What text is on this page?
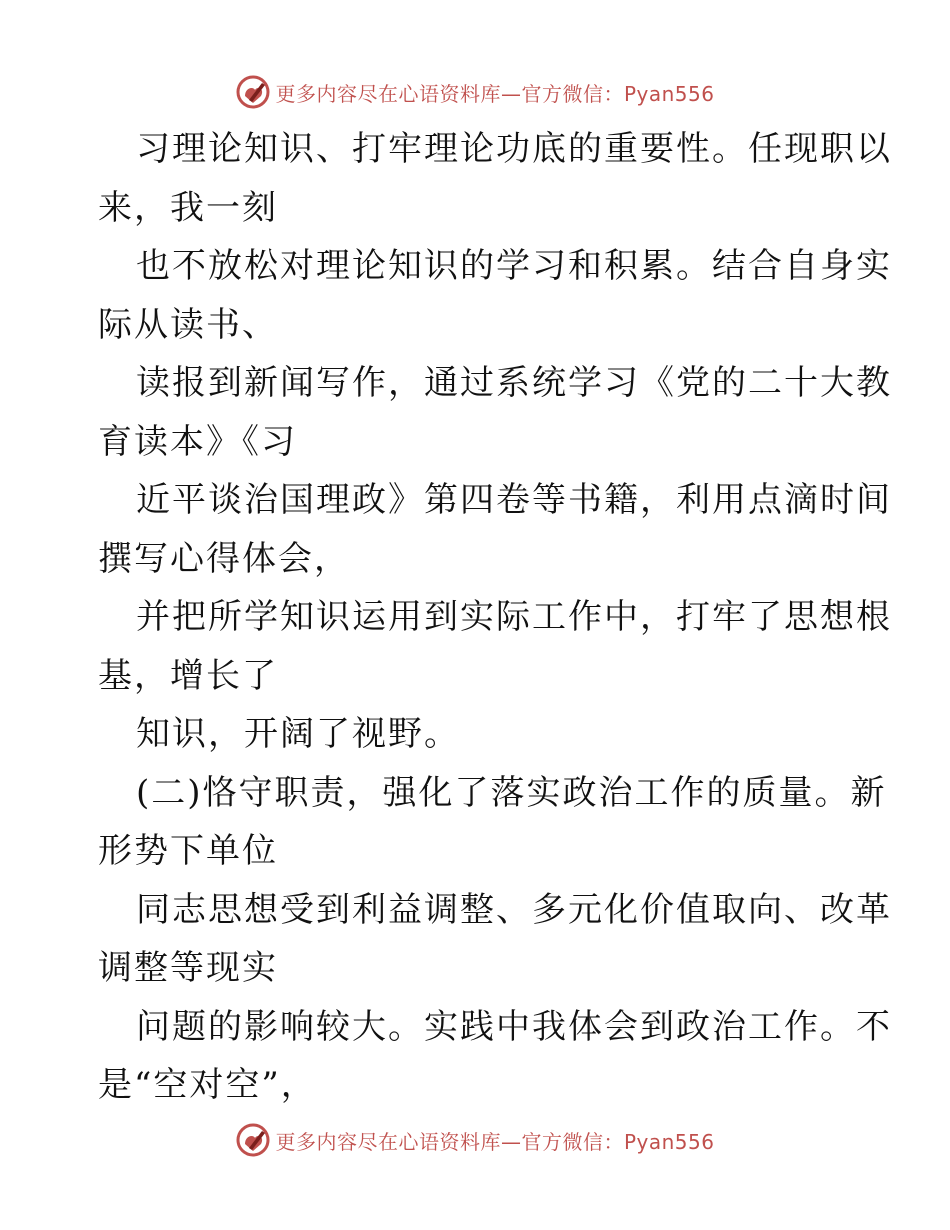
更多内容尽在心语资料库—官方微信：Pyan556
习理论知识、打牢理论功底的重要性。任现职以
来，我一刻
也不放松对理论知识的学习和积累。结合自身实
际从读书、
读报到新闻写作，通过系统学习《党的二十大教
育读本》《习
近平谈治国理政》第四卷等书籍，利用点滴时间
撰写心得体会，
并把所学知识运用到实际工作中，打牢了思想根
基，增长了
知识，开阔了视野。
(二)恪守职责，强化了落实政治工作的质量。新
形势下单位
同志思想受到利益调整、多元化价值取向、改革
调整等现实
问题的影响较大。实践中我体会到政治工作。不
是“空对空”，
更多内容尽在心语资料库—官方微信：Pyan556
